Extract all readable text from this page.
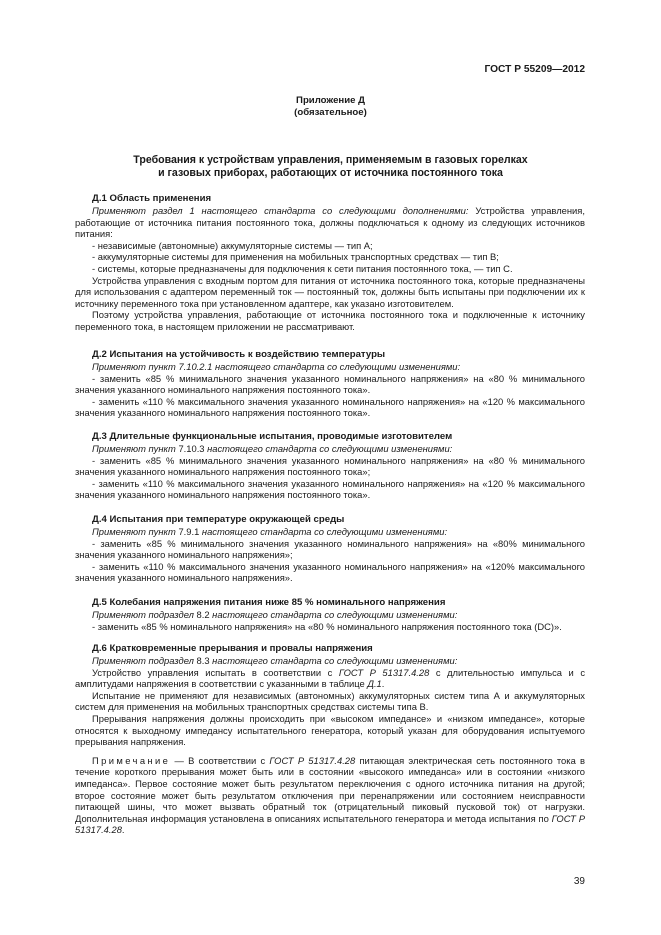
ГОСТ Р 55209—2012
Приложение Д
(обязательное)
Требования к устройствам управления, применяемым в газовых горелках
и газовых приборах, работающих от источника постоянного тока
Д.1 Область применения

Применяют раздел 1 настоящего стандарта со следующими дополнениями: Устройства управления, работающие от источника питания постоянного тока, должны подключаться к одному из следующих источников питания:

- независимые (автономные) аккумуляторные системы — тип А;

- аккумуляторные системы для применения на мобильных транспортных средствах — тип В;

- системы, которые предназначены для подключения к сети питания постоянного тока, — тип С.

Устройства управления с входным портом для питания от источника постоянного тока, которые предназначены для использования с адаптером переменный ток — постоянный ток, должны быть испытаны при подключении их к источнику переменного тока при установленном адаптере, как указано изготовителем.

Поэтому устройства управления, работающие от источника постоянного тока и подключенные к источнику переменного тока, в настоящем приложении не рассматривают.

Д.2 Испытания на устойчивость к воздействию температуры

Применяют пункт 7.10.2.1 настоящего стандарта со следующими изменениями:

- заменить «85 % минимального значения указанного номинального напряжения» на «80 % минимального значения указанного номинального напряжения постоянного тока».

- заменить «110 % максимального значения указанного номинального напряжения» на «120 % максимального значения указанного номинального напряжения постоянного тока».

Д.3 Длительные функциональные испытания, проводимые изготовителем

Применяют пункт 7.10.3 настоящего стандарта со следующими изменениями:

- заменить «85 % минимального значения указанного номинального напряжения» на «80 % минимального значения указанного номинального напряжения постоянного тока»;

- заменить «110 % максимального значения указанного номинального напряжения» на «120 % максимального значения указанного номинального напряжения постоянного тока».

Д.4 Испытания при температуре окружающей среды

Применяют пункт 7.9.1 настоящего стандарта со следующими изменениями:

- заменить «85 % минимального значения указанного номинального напряжения» на «80% минимального значения указанного номинального напряжения»;

- заменить «110 % максимального значения указанного номинального напряжения» на «120% максимального значения указанного номинального напряжения».

Д.5 Колебания напряжения питания ниже 85 % номинального напряжения

Применяют подраздел 8.2 настоящего стандарта со следующими изменениями:

- заменить «85 % номинального напряжения» на «80 % номинального напряжения постоянного тока (DC)».

Д.6 Кратковременные прерывания и провалы напряжения

Применяют подраздел 8.3 настоящего стандарта со следующими изменениями:

Устройство управления испытать в соответствии с ГОСТ Р 51317.4.28 с длительностью импульса и с амплитудами напряжения в соответствии с указанными в таблице Д.1.

Испытание не применяют для независимых (автономных) аккумуляторных систем типа А и аккумуляторных систем для применения на мобильных транспортных средствах системы типа В.

Прерывания напряжения должны происходить при «высоком импедансе» и «низком импедансе», которые относятся к выходному импедансу испытательного генератора, который указан для оборудования испытуемого прерывания напряжения.

Примечание — В соответствии с ГОСТ Р 51317.4.28 питающая электрическая сеть постоянного тока в течение короткого прерывания может быть или в состоянии «высокого импеданса» или в состоянии «низкого импеданса». Первое состояние может быть результатом переключения с одного источника питания на другой; второе состояние может быть результатом отключения при перенапряжении или состоянием неисправности питающей шины, что может вызвать обратный ток (отрицательный пиковый пусковой ток) от нагрузки. Дополнительная информация установлена в описаниях испытательного генератора и метода испытания по ГОСТ Р 51317.4.28.

39
